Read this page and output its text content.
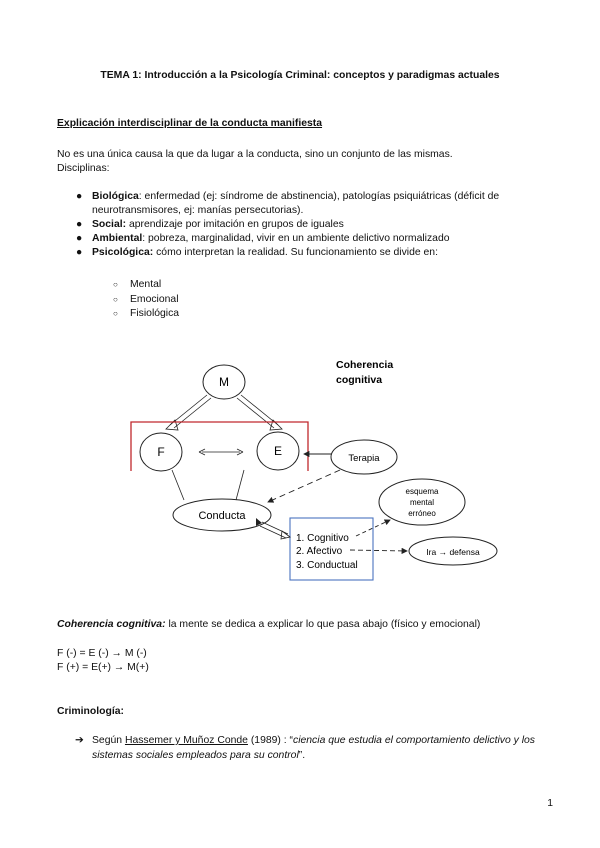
TEMA 1: Introducción a la Psicología Criminal: conceptos y paradigmas actuales
Explicación interdisciplinar de la conducta manifiesta
No es una única causa la que da lugar a la conducta, sino un conjunto de las mismas.
Disciplinas:
● Biológica: enfermedad (ej: síndrome de abstinencia), patologías psiquiátricas (déficit de
neurotransmisores, ej: manías persecutorias).
● Social: aprendizaje por imitación en grupos de iguales
● Ambiental: pobreza, marginalidad, vivir en un ambiente delictivo normalizado
● Psicológica: cómo interpretan la realidad. Su funcionamiento se divide en:
○ Mental
○ Emocional
○ Fisiológica
Coherencia
cognitiva
M
F	E
Terapia
Conducta
esquema
mental
erróneo
1. Cognitivo
2. Afectivo
3. Conductual
Ira → defensa
Coherencia cognitiva: la mente se dedica a explicar lo que pasa abajo (físico y emocional)
F (-) = E (-) → M (-)
F (+) = E(+) → M(+)
Criminología:
➔ Según Hassemer y Muñoz Conde (1989) : “ciencia que estudia el comportamiento delictivo y los sistemas sociales empleados para su control”.
1
